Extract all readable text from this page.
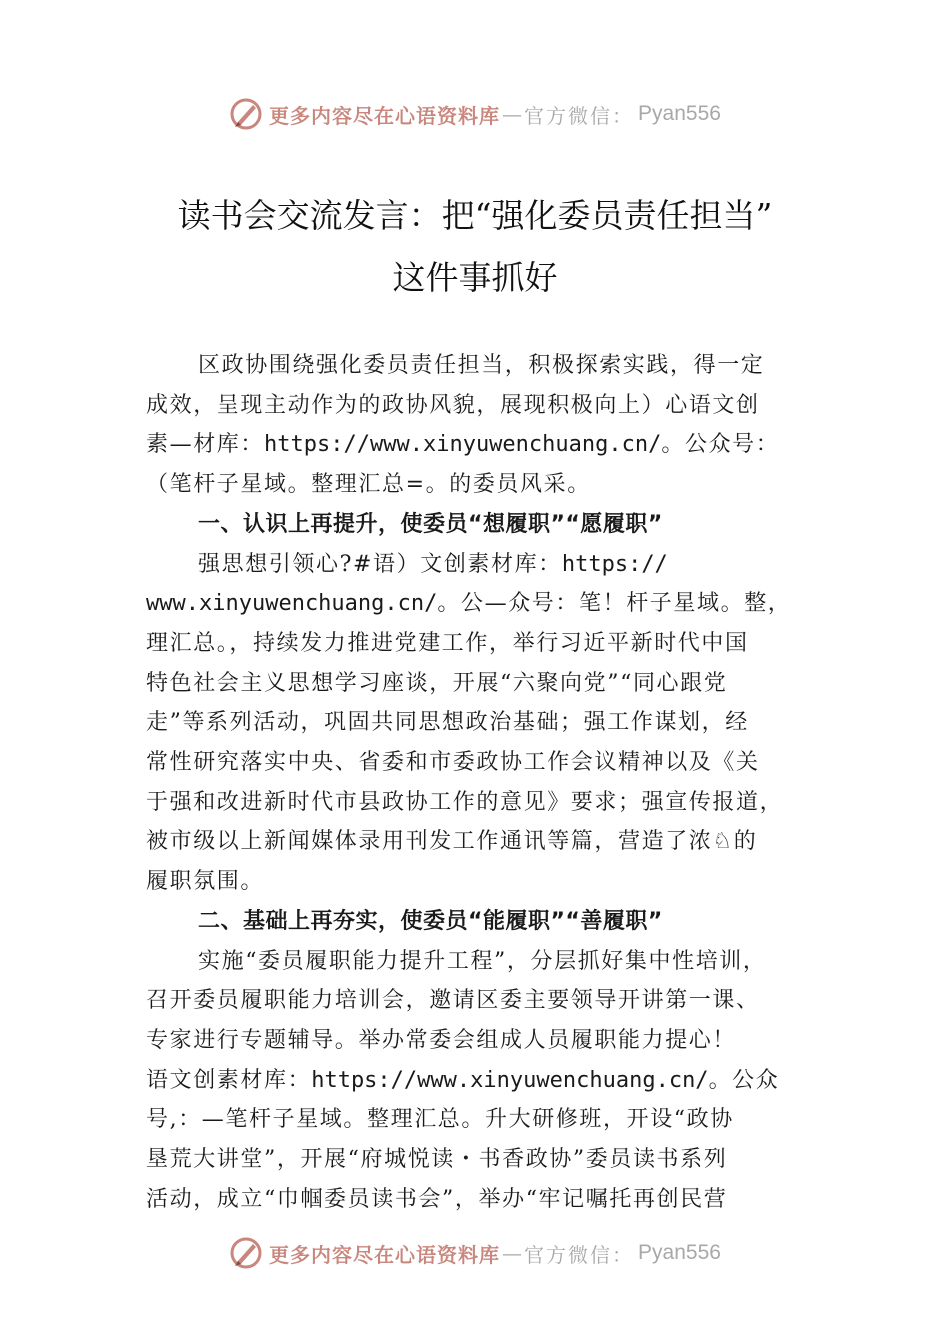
更多内容尽在心语资料库 — 官方微信： Pyan556
读书会交流发言：把“强化委员责任担当”
这件事抓好

区政协围绕强化委员责任担当，积极探索实践，得一定

成效，呈现主动作为的政协风貌，展现积极向上）心语文创

素—材库：https://www.xinyuwenchuang.cn/。公众号：

（笔杆子星域。整理汇总=。的委员风采。

一、认识上再提升，使委员“想履职”“愿履职”

强思想引领心?#语）文创素材库：https://

www.xinyuwenchuang.cn/。公—众号：笔！杆子星域。整，

理汇总。，持续发力推进党建工作，举行习近平新时代中国

特色社会主义思想学习座谈，开展“六聚向党”“同心跟党

走”等系列活动，巩固共同思想政治基础；强工作谋划，经

常性研究落实中央、省委和市委政协工作会议精神以及《关

于强和改进新时代市县政协工作的意见》要求；强宣传报道，

被市级以上新闻媒体录用刊发工作通讯等篇，营造了浓♘的

履职氛围。

二、基础上再夯实，使委员“能履职”“善履职”

实施“委员履职能力提升工程”，分层抓好集中性培训，

召开委员履职能力培训会，邀请区委主要领导开讲第一课、

专家进行专题辅导。举办常委会组成人员履职能力提心！

语文创素材库：https://www.xinyuwenchuang.cn/。公众

号,：—笔杆子星域。整理汇总。升大研修班，开设“政协

垦荒大讲堂”，开展“府城悦读・书香政协”委员读书系列

活动，成立“巾帼委员读书会”，举办“牢记嘱托再创民营

更多内容尽在心语资料库 — 官方微信： Pyan556
